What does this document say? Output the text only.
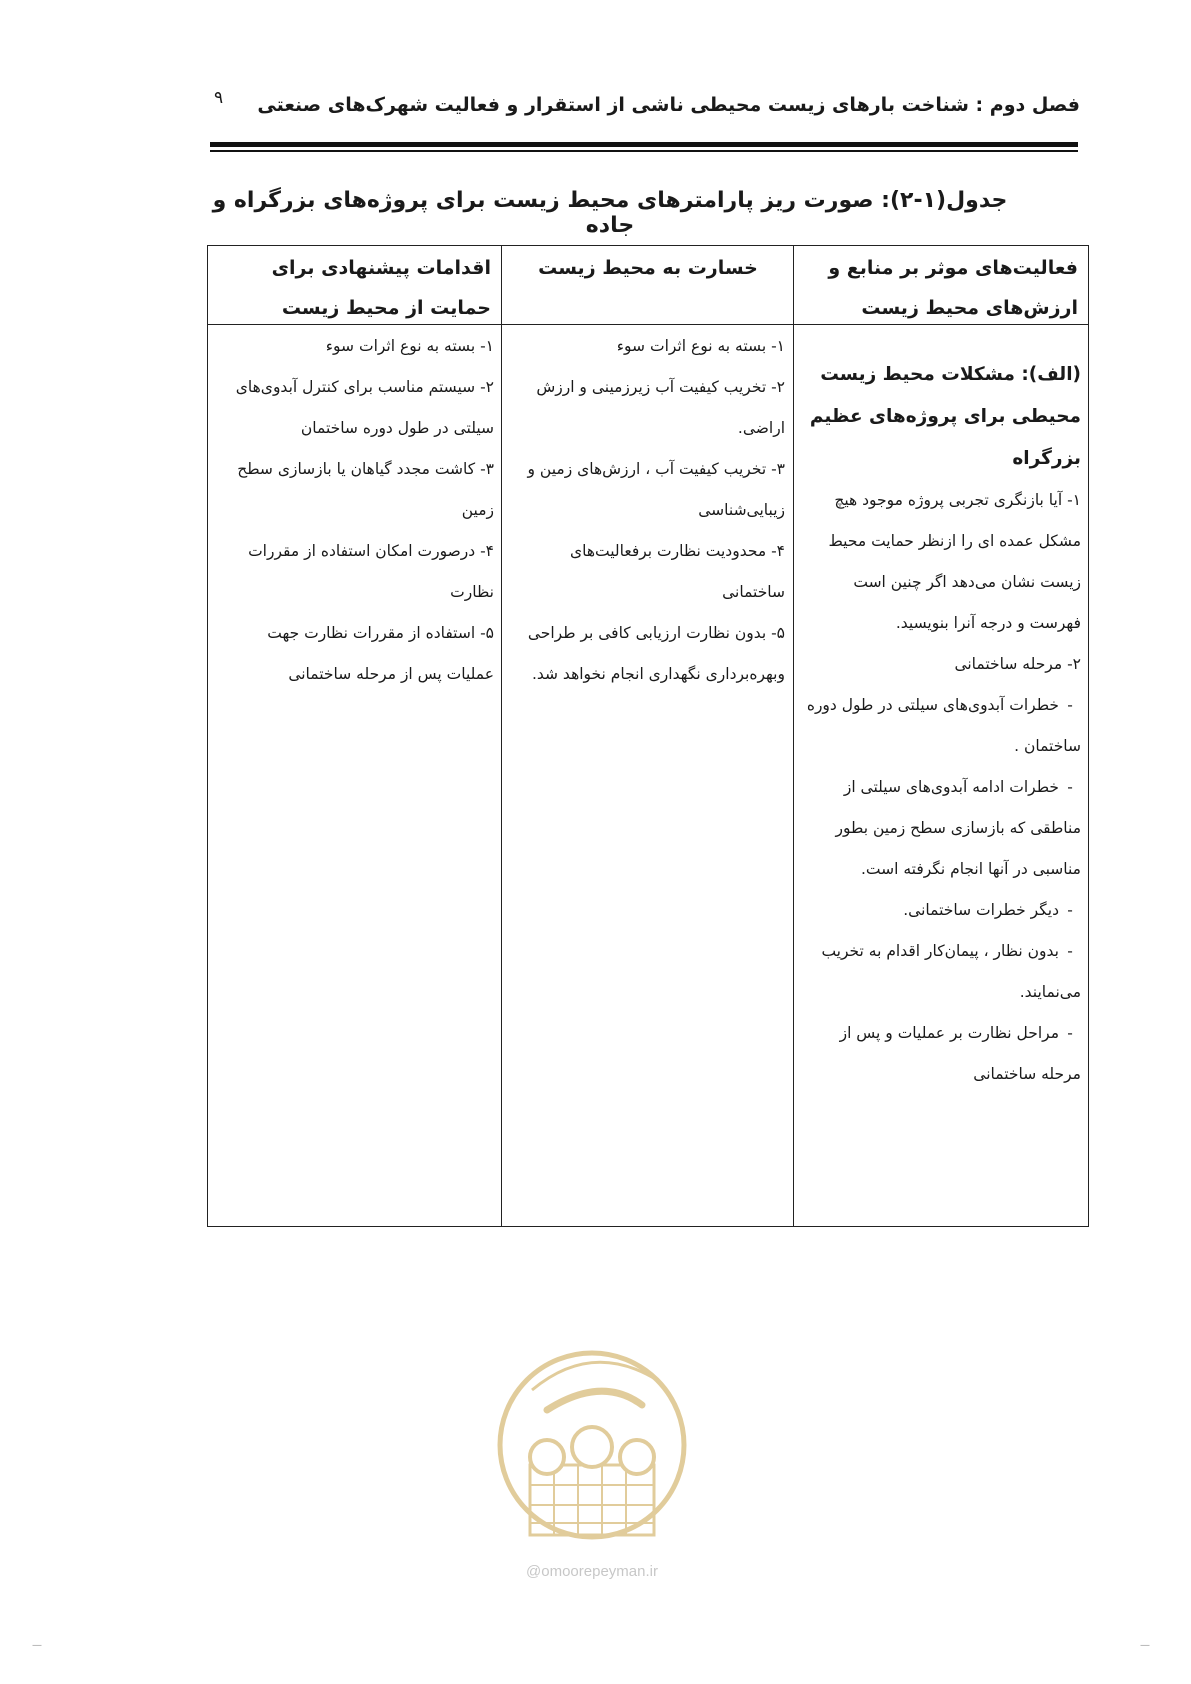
۹ فصل دوم : شناخت بارهای زیست محیطی ناشی از استقرار و فعالیت شهرک‌های صنعتی
جدول(۱-۲): صورت ریز پارامترهای محیط زیست برای پروژه‌های بزرگراه و جاده
فعالیت‌های موثر بر منابع و ارزش‌های محیط زیست
خسارت به محیط زیست
اقدامات پیشنهادی برای حمایت از محیط زیست
(الف): مشکلات محیط زیست محیطی برای پروژه‌های عظیم بزرگراه
۱- آیا بازنگری تجربی پروژه موجود هیچ مشکل عمده ای را ازنظر حمایت محیط زیست نشان می‌دهد اگر چنین است فهرست و درجه آنرا بنویسید.
۲- مرحله ساختمانی
-خطرات آبدوی‌های سیلتی در طول دوره ساختمان .
-خطرات ادامه آبدوی‌های سیلتی از مناطقی که بازسازی سطح زمین بطور مناسبی در آنها انجام نگرفته است.
-دیگر خطرات ساختمانی.
-بدون نظار ، پیمان‌کار اقدام به تخریب می‌نمایند.
-مراحل نظارت بر عملیات و پس از مرحله ساختمانی
۱- بسته به نوع اثرات سوء
۲- تخریب کیفیت آب زیرزمینی و ارزش اراضی.
۳- تخریب کیفیت آب ، ارزش‌های زمین و زیبایی‌شناسی
۴- محدودیت نظارت برفعالیت‌های ساختمانی
۵- بدون نظارت ارزیابی کافی بر طراحی وبهره‌برداری نگهداری انجام نخواهد شد.
۱- بسته به نوع اثرات سوء
۲- سیستم مناسب برای کنترل آبدوی‌های سیلتی در طول دوره ساختمان
۳- کاشت مجدد گیاهان یا بازسازی سطح زمین
۴- درصورت امکان استفاده از مقررات نظارت
۵- استفاده از مقررات نظارت جهت عملیات پس از مرحله ساختمانی
@omoorepeyman.ir
—	—
